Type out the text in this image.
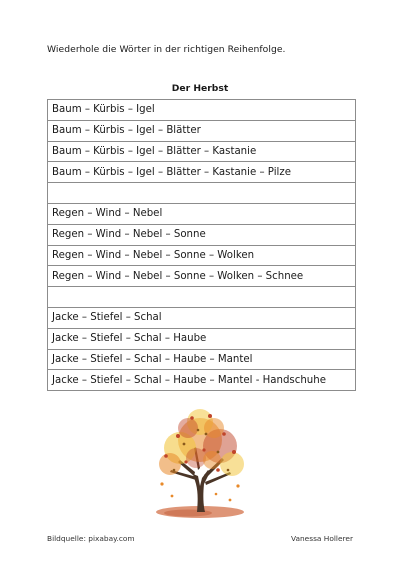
Wiederhole die Wörter in der richtigen Reihenfolge.
Der Herbst
Baum – Kürbis – Igel
Baum – Kürbis – Igel – Blätter
Baum – Kürbis – Igel – Blätter – Kastanie
Baum – Kürbis – Igel – Blätter – Kastanie – Pilze

Regen – Wind – Nebel
Regen – Wind – Nebel – Sonne
Regen – Wind – Nebel – Sonne – Wolken
Regen – Wind – Nebel – Sonne – Wolken – Schnee

Jacke – Stiefel – Schal
Jacke – Stiefel – Schal – Haube
Jacke – Stiefel – Schal – Haube – Mantel
Jacke – Stiefel – Schal – Haube – Mantel - Handschuhe
Bildquelle: pixabay.com	Vanessa Hollerer
